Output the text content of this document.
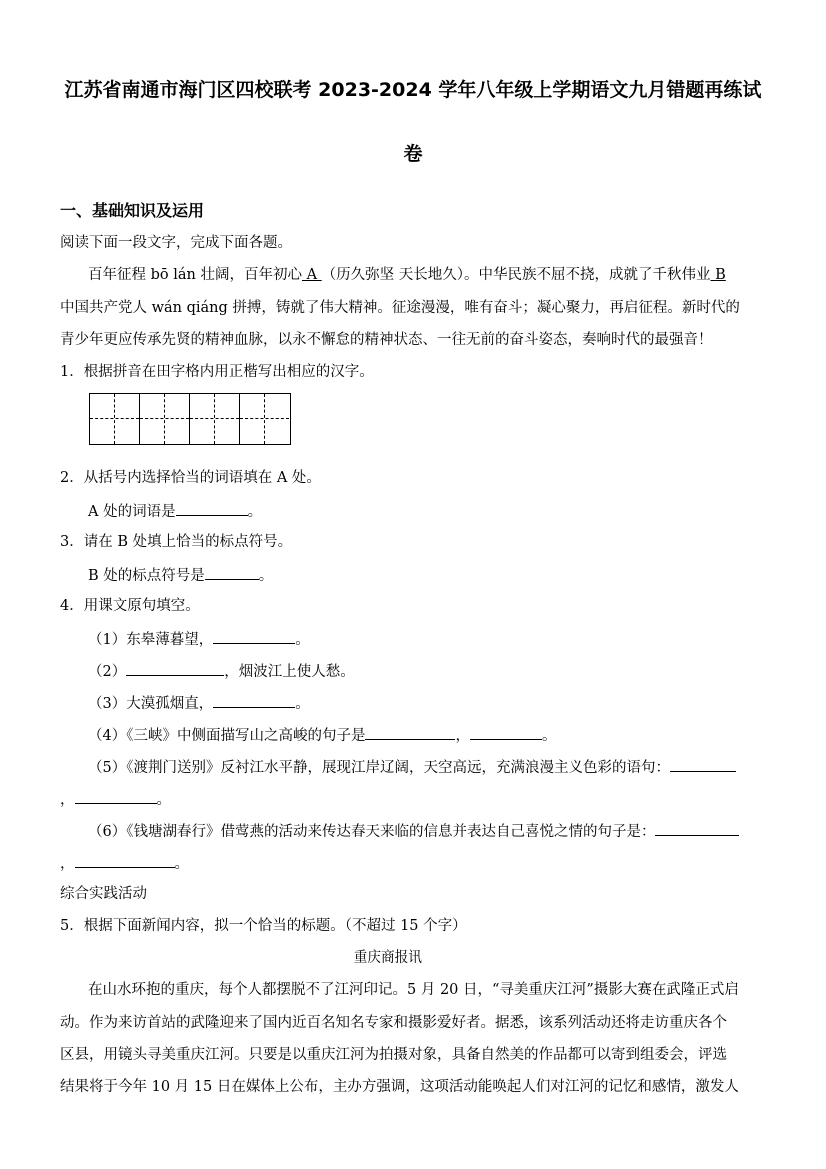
江苏省南通市海门区四校联考 2023-2024 学年八年级上学期语文九月错题再练试
卷
一、基础知识及运用
阅读下面一段文字，完成下面各题。
百年征程 bō lán 壮阔，百年初心 A （历久弥坚 天长地久）。中华民族不屈不挠，成就了千秋伟业 B
中国共产党人 wán qiáng 拼搏，铸就了伟大精神。征途漫漫，唯有奋斗；凝心聚力，再启征程。新时代的
青少年更应传承先贤的精神血脉，以永不懈怠的精神状态、一往无前的奋斗姿态，奏响时代的最强音！
1．根据拼音在田字格内用正楷写出相应的汉字。
2．从括号内选择恰当的词语填在 A 处。
A 处的词语是	。
3．请在 B 处填上恰当的标点符号。
B 处的标点符号是	。
4．用课文原句填空。
（1）东皋薄暮望，	。
（2）	，烟波江上使人愁。
（3）大漠孤烟直，	。
（4）《三峡》中侧面描写山之高峻的句子是	，	。
（5）《渡荆门送别》反衬江水平静，展现江岸辽阔，天空高远，充满浪漫主义色彩的语句：
，	。
（6）《钱塘湖春行》借莺燕的活动来传达春天来临的信息并表达自己喜悦之情的句子是：
，	。
综合实践活动
5．根据下面新闻内容，拟一个恰当的标题。（不超过 15 个字）
重庆商报讯
在山水环抱的重庆，每个人都摆脱不了江河印记。5 月 20 日，“寻美重庆江河”摄影大赛在武隆正式启
动。作为来访首站的武隆迎来了国内近百名知名专家和摄影爱好者。据悉，该系列活动还将走访重庆各个
区县，用镜头寻美重庆江河。只要是以重庆江河为拍摄对象，具备自然美的作品都可以寄到组委会，评选
结果将于今年 10 月 15 日在媒体上公布，主办方强调，这项活动能唤起人们对江河的记忆和感情，激发人
